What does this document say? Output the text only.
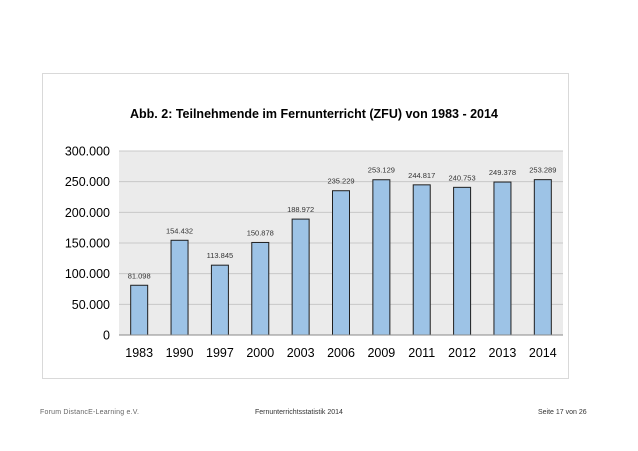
Abb. 2: Teilnehmende im Fernunterricht (ZFU) von 1983 - 2014
0
50.000
100.000
150.000
200.000
250.000
300.000
81.098
1983
154.432
1990
113.845
1997
150.878
2000
188.972
2003
235.229
2006
253.129
2009
244.817
2011
240.753
2012
249.378
2013
253.289
2014
Forum DistancE-Learning e.V.	Fernunterrichtsstatistik 2014	Seite 17 von 26
